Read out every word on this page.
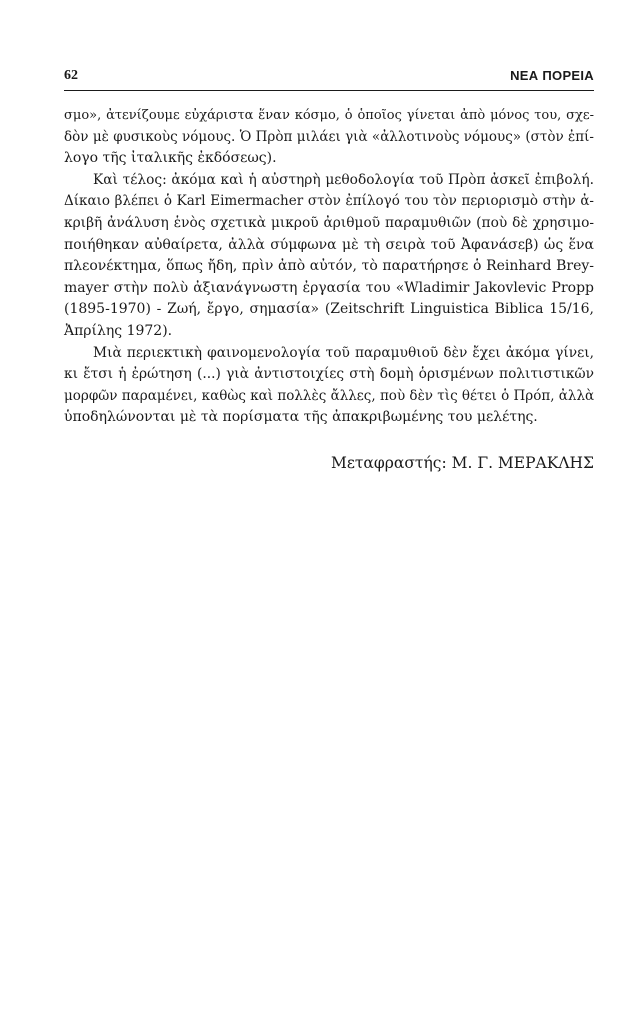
62	ΝΕΑ ΠΟΡΕΙΑ
σμο», ἀτενίζουμε εὐχάριστα ἕναν κόσμο, ὁ ὁποῖος γίνεται ἀπὸ μόνος του, σχε-
δὸν μὲ φυσικοὺς νόμους. Ὁ Πρὸπ μιλάει γιὰ «ἀλλοτινοὺς νόμους» (στὸν ἐπί-
λογο τῆς ἰταλικῆς ἐκδόσεως).
Καὶ τέλος: ἀκόμα καὶ ἡ αὐστηρὴ μεθοδολογία τοῦ Πρὸπ ἀσκεῖ ἐπιβολή.
Δίκαιο βλέπει ὁ Karl Eimermacher στὸν ἐπίλογό του τὸν περιορισμὸ στὴν ἀ-
κριβῆ ἀνάλυση ἑνὸς σχετικὰ μικροῦ ἀριθμοῦ παραμυθιῶν (ποὺ δὲ χρησιμο-
ποιήθηκαν αὐθαίρετα, ἀλλὰ σύμφωνα μὲ τὴ σειρὰ τοῦ Ἀφανάσεβ) ὡς ἕνα
πλεονέκτημα, ὅπως ἤδη, πρὶν ἀπὸ αὐτόν, τὸ παρατήρησε ὁ Reinhard Brey-
mayer στὴν πολὺ ἀξιανάγνωστη ἐργασία του «Wladimir Jakovlevic Propp
(1895-1970) - Ζωή, ἔργο, σημασία» (Zeitschrift Linguistica Biblica 15/16,
Ἀπρίλης 1972).
Μιὰ περιεκτικὴ φαινομενολογία τοῦ παραμυθιοῦ δὲν ἔχει ἀκόμα γίνει,
κι ἔτσι ἡ ἐρώτηση (...) γιὰ ἀντιστοιχίες στὴ δομὴ ὁρισμένων πολιτιστικῶν
μορφῶν παραμένει, καθὼς καὶ πολλὲς ἄλλες, ποὺ δὲν τὶς θέτει ὁ Πρόπ, ἀλλὰ
ὑποδηλώνονται μὲ τὰ πορίσματα τῆς ἀπακριβωμένης του μελέτης.
Μεταφραστής: Μ. Γ. ΜΕΡΑΚΛΗΣ
